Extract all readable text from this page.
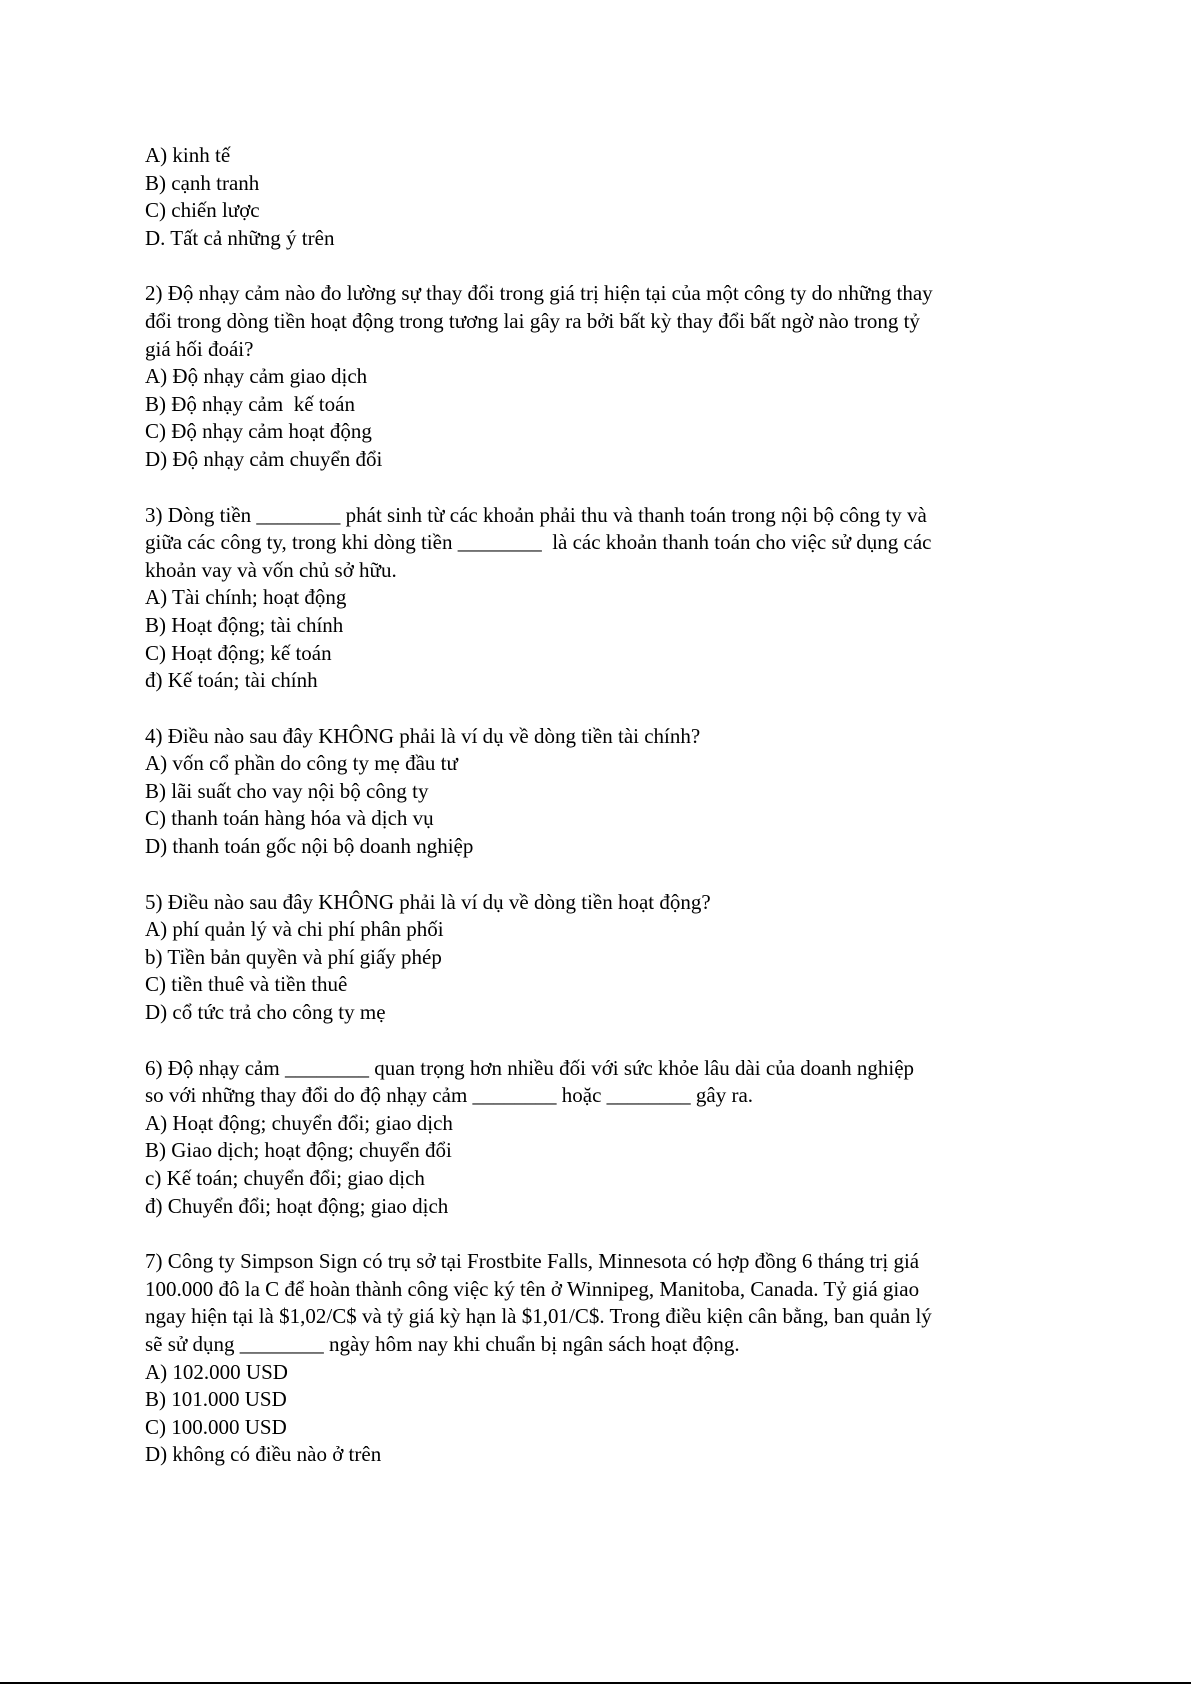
A) kinh tế

B) cạnh tranh

C) chiến lược

D. Tất cả những ý trên

2) Độ nhạy cảm nào đo lường sự thay đổi trong giá trị hiện tại của một công ty do những thay

đổi trong dòng tiền hoạt động trong tương lai gây ra bởi bất kỳ thay đổi bất ngờ nào trong tỷ

giá hối đoái?

A) Độ nhạy cảm giao dịch

B) Độ nhạy cảm  kế toán

C) Độ nhạy cảm hoạt động

D) Độ nhạy cảm chuyển đổi

3) Dòng tiền ________ phát sinh từ các khoản phải thu và thanh toán trong nội bộ công ty và

giữa các công ty, trong khi dòng tiền ________  là các khoản thanh toán cho việc sử dụng các

khoản vay và vốn chủ sở hữu.

A) Tài chính; hoạt động

B) Hoạt động; tài chính

C) Hoạt động; kế toán

đ) Kế toán; tài chính

4) Điều nào sau đây KHÔNG phải là ví dụ về dòng tiền tài chính?

A) vốn cổ phần do công ty mẹ đầu tư

B) lãi suất cho vay nội bộ công ty

C) thanh toán hàng hóa và dịch vụ

D) thanh toán gốc nội bộ doanh nghiệp

5) Điều nào sau đây KHÔNG phải là ví dụ về dòng tiền hoạt động?

A) phí quản lý và chi phí phân phối

b) Tiền bản quyền và phí giấy phép

C) tiền thuê và tiền thuê

D) cổ tức trả cho công ty mẹ

6) Độ nhạy cảm ________ quan trọng hơn nhiều đối với sức khỏe lâu dài của doanh nghiệp

so với những thay đổi do độ nhạy cảm ________ hoặc ________ gây ra.

A) Hoạt động; chuyển đổi; giao dịch

B) Giao dịch; hoạt động; chuyển đổi

c) Kế toán; chuyển đổi; giao dịch

đ) Chuyển đổi; hoạt động; giao dịch

7) Công ty Simpson Sign có trụ sở tại Frostbite Falls, Minnesota có hợp đồng 6 tháng trị giá

100.000 đô la C để hoàn thành công việc ký tên ở Winnipeg, Manitoba, Canada. Tỷ giá giao

ngay hiện tại là $1,02/C$ và tỷ giá kỳ hạn là $1,01/C$. Trong điều kiện cân bằng, ban quản lý

sẽ sử dụng ________ ngày hôm nay khi chuẩn bị ngân sách hoạt động.

A) 102.000 USD

B) 101.000 USD

C) 100.000 USD

D) không có điều nào ở trên
